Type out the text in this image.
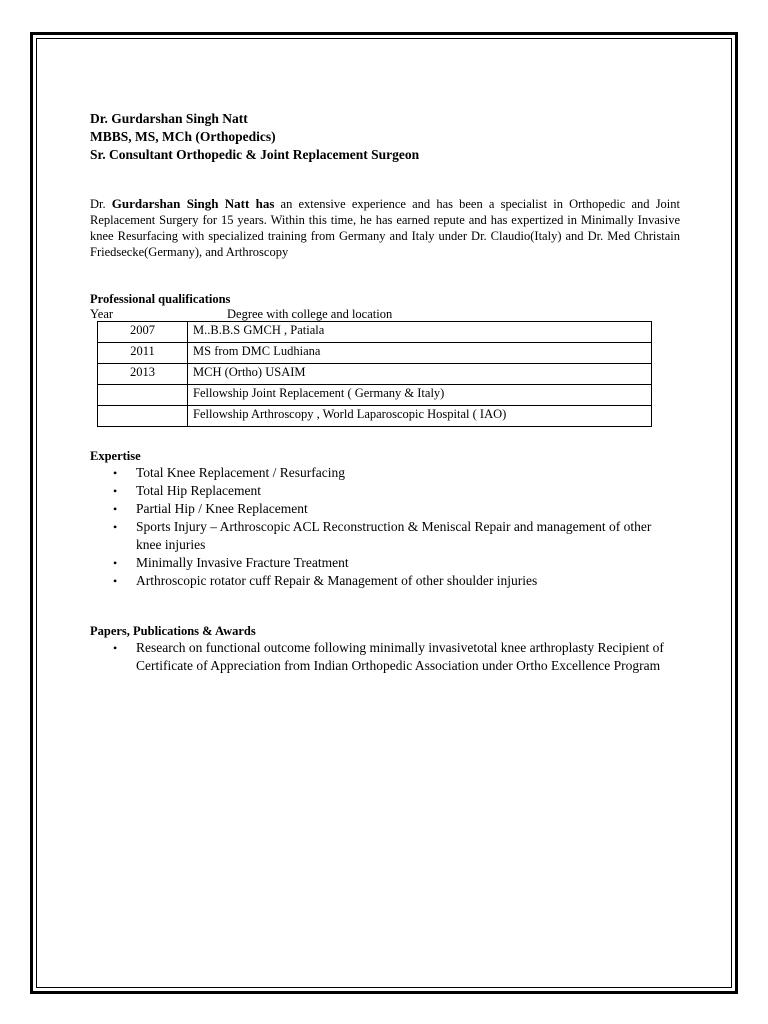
Dr. Gurdarshan Singh Natt
MBBS, MS, MCh (Orthopedics)
Sr. Consultant Orthopedic & Joint Replacement Surgeon
Dr. Gurdarshan Singh Natt has an extensive experience and has been a specialist in Orthopedic and Joint Replacement Surgery for 15 years. Within this time, he has earned repute and has expertized in Minimally Invasive knee Resurfacing with specialized training from Germany and Italy under Dr. Claudio(Italy) and Dr. Med Christain Friedsecke(Germany), and Arthroscopy
Professional qualifications
Year	Degree with college and location
2007	M..B.B.S GMCH , Patiala
2011	MS from DMC Ludhiana
2013	MCH (Ortho) USAIM
	Fellowship Joint Replacement ( Germany & Italy)
	Fellowship Arthroscopy , World Laparoscopic Hospital ( IAO)
Expertise
• Total Knee Replacement / Resurfacing
• Total Hip Replacement
• Partial Hip / Knee Replacement
• Sports Injury – Arthroscopic ACL Reconstruction & Meniscal Repair and management of other knee injuries
• Minimally Invasive Fracture Treatment
• Arthroscopic rotator cuff Repair & Management of other shoulder injuries
Papers, Publications & Awards
• Research on functional outcome following minimally invasivetotal knee arthroplasty Recipient of Certificate of Appreciation from Indian Orthopedic Association under Ortho Excellence Program
